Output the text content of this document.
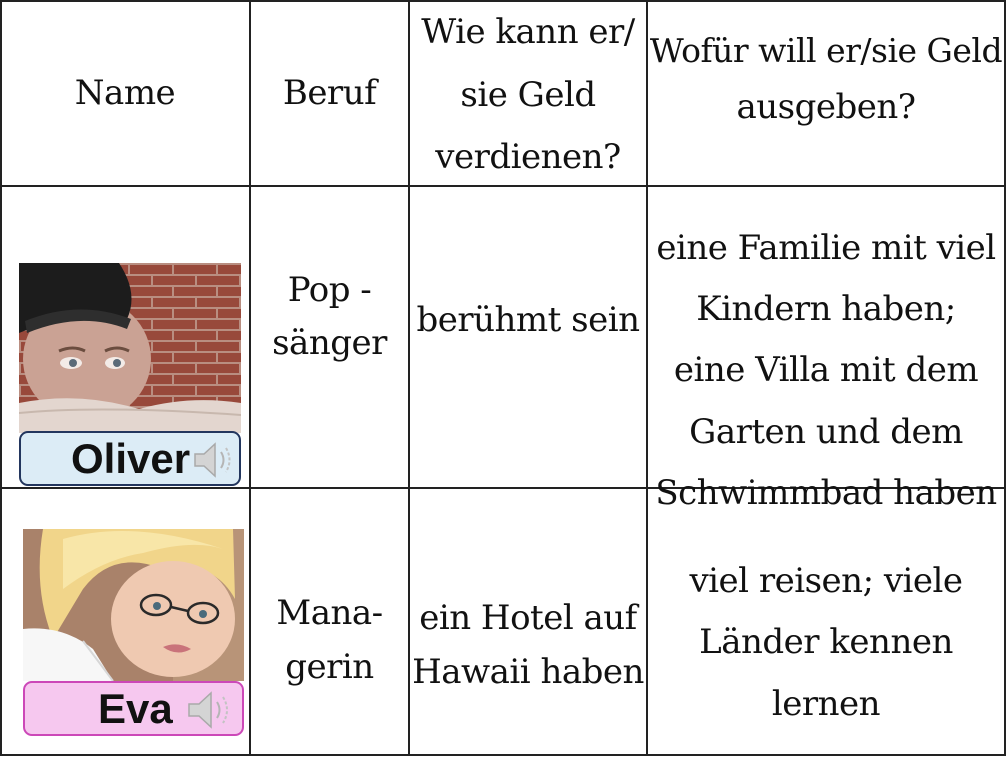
Name	Beruf
Wie kann er/
sie Geld
verdienen?
Wofür will er/sie Geld
ausgeben?
Oliver
Pop -
sänger
berühmt sein
eine Familie mit viel
Kindern haben;
eine Villa mit dem
Garten und dem
Schwimmbad haben
Eva
Mana-
gerin
ein Hotel auf
Hawaii haben
viel reisen; viele
Länder kennen
lernen
